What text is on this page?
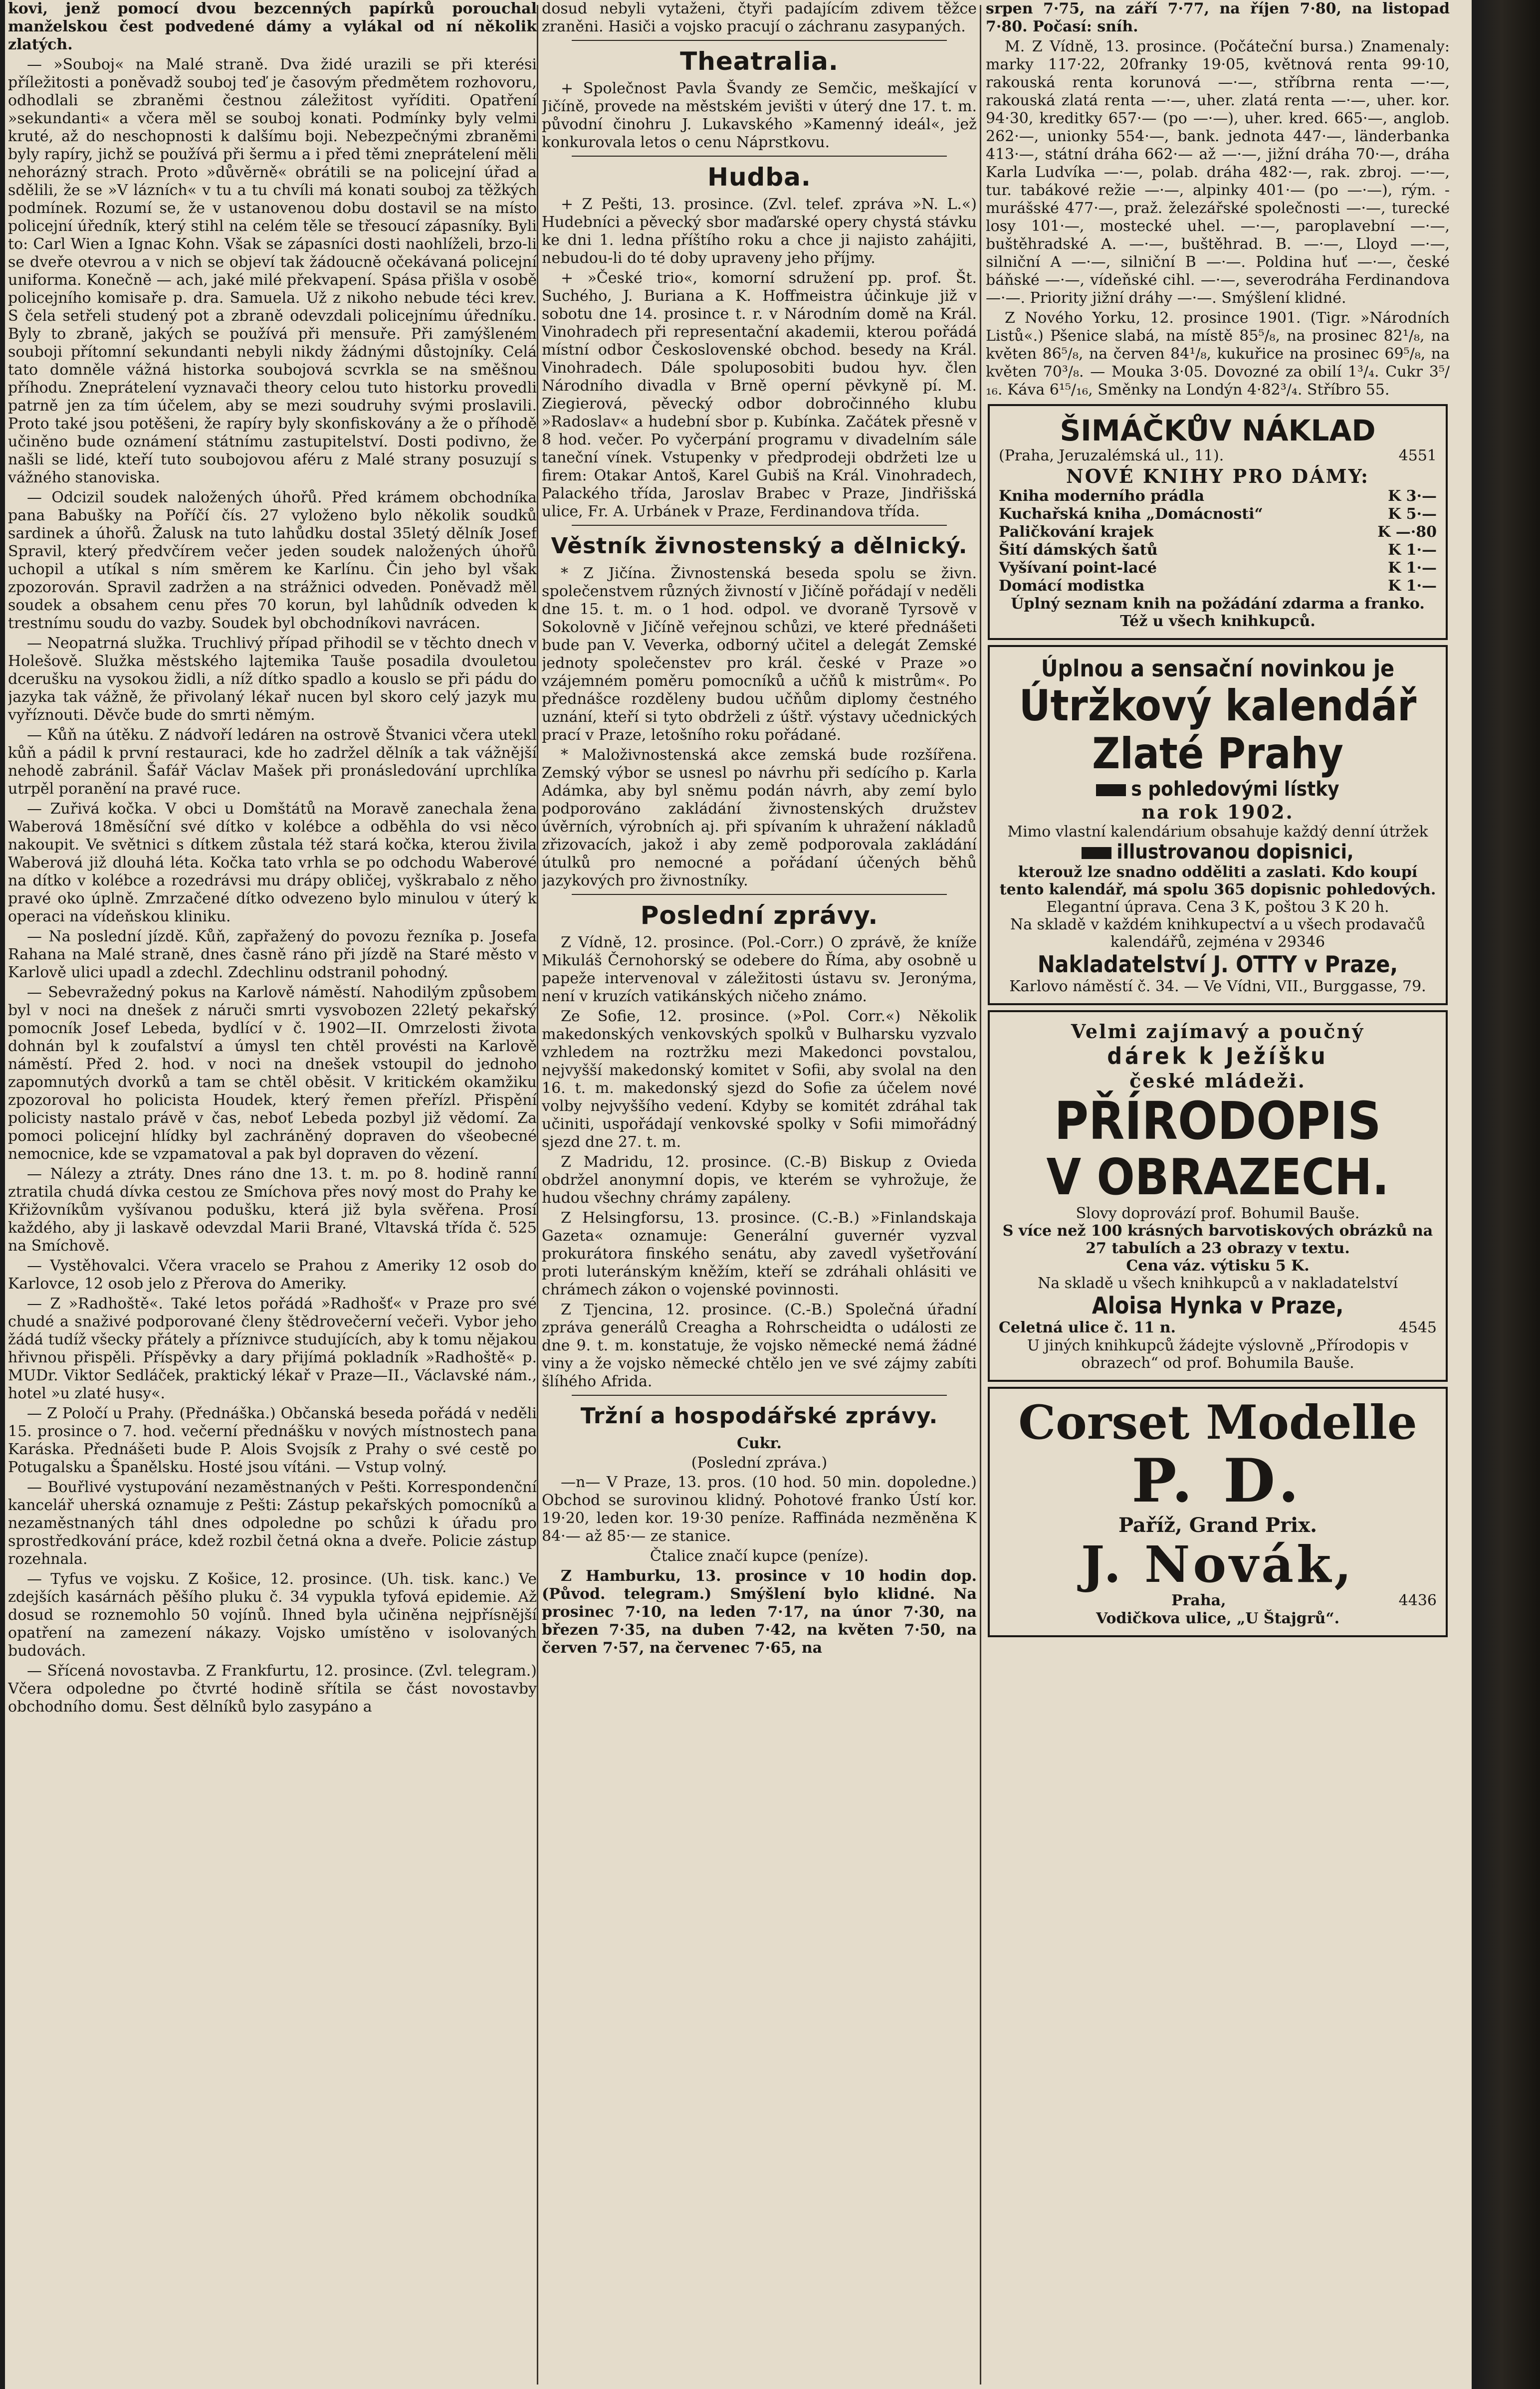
kovi, jenž pomocí dvou bezcenných papírků porouchal manželskou čest podvedené dámy a vylákal od ní několik zlatých.

— »Souboj« na Malé straně. Dva židé urazili se při kterési příležitosti a poněvadž souboj teď je časovým předmětem rozhovoru, odhodlali se zbraněmi čestnou záležitost vyříditi. Opatření »sekundanti« a včera měl se souboj konati. Podmínky byly velmi kruté, až do neschopnosti k dalšímu boji. Nebezpečnými zbraněmi byly rapíry, jichž se používá při šermu a i před těmi zneprátelení měli nehorázný strach. Proto »důvěrně« obrátili se na policejní úřad a sdělili, že se »V lázních« v tu a tu chvíli má konati souboj za těžkých podmínek. Rozumí se, že v ustanovenou dobu dostavil se na místo policejní úředník, který stihl na celém těle se třesoucí zápasníky. Byli to: Carl Wien a Ignac Kohn. Však se zápasníci dosti naohlíželi, brzo-li se dveře otevrou a v nich se objeví tak žádoucně očekávaná policejní uniforma. Konečně — ach, jaké milé překvapení. Spása přišla v osobě policejního komisaře p. dra. Samuela. Už z nikoho nebude téci krev. S čela setřeli studený pot a zbraně odevzdali policejnímu úředníku. Byly to zbraně, jakých se používá při mensuře. Při zamýšleném souboji přítomní sekundanti nebyli nikdy žádnými důstojníky. Celá tato domněle vážná historka soubojová scvrkla se na směšnou příhodu. Zneprátelení vyznavači theory celou tuto historku provedli patrně jen za tím účelem, aby se mezi soudruhy svými proslavili. Proto také jsou potěšeni, že rapíry byly skonfiskovány a že o příhodě učiněno bude oznámení státnímu zastupitelství. Dosti podivno, že našli se lidé, kteří tuto soubojovou aféru z Malé strany posuzují s vážného stanoviska.

— Odcizil soudek naložených úhořů. Před krámem obchodníka pana Babušky na Poříčí čís. 27 vyloženo bylo několik soudků sardinek a úhořů. Žalusk na tuto lahůdku dostal 35letý dělník Josef Spravil, který předvčírem večer jeden soudek naložených úhořů uchopil a utíkal s ním směrem ke Karlínu. Čin jeho byl však zpozorován. Spravil zadržen a na strážnici odveden. Poněvadž měl soudek a obsahem cenu přes 70 korun, byl lahůdník odveden k trestnímu soudu do vazby. Soudek byl obchodníkovi navrácen.

— Neopatrná služka. Truchlivý případ přihodil se v těchto dnech v Holešově. Služka městského lajtemika Tauše posadila dvouletou dcerušku na vysokou židli, a níž dítko spadlo a kouslo se při pádu do jazyka tak vážně, že přivolaný lékař nucen byl skoro celý jazyk mu vyříznouti. Děvče bude do smrti němým.

— Kůň na útěku. Z nádvoří ledáren na ostrově Štvanici včera utekl kůň a pádil k první restauraci, kde ho zadržel dělník a tak vážnější nehodě zabránil. Šafář Václav Mašek při pronásledování uprchlíka utrpěl poranění na pravé ruce.

— Zuřivá kočka. V obci u Domštátů na Moravě zanechala žena Waberová 18měsíční své dítko v kolébce a odběhla do vsi něco nakoupit. Ve světnici s dítkem zůstala též stará kočka, kterou živila Waberová již dlouhá léta. Kočka tato vrhla se po odchodu Waberové na dítko v kolébce a rozedrávsi mu drápy obličej, vyškrabalo z něho pravé oko úplně. Zmrzačené dítko odvezeno bylo minulou v úterý k operaci na vídeňskou kliniku.

— Na poslední jízdě. Kůň, zapřažený do povozu řezníka p. Josefa Rahana na Malé straně, dnes časně ráno při jízdě na Staré město v Karlově ulici upadl a zdechl. Zdechlinu odstranil pohodný.

— Sebevražedný pokus na Karlově náměstí. Nahodilým způsobem byl v noci na dnešek z náruči smrti vysvobozen 22letý pekařský pomocník Josef Lebeda, bydlící v č. 1902—II. Omrzelosti života dohnán byl k zoufalství a úmysl ten chtěl provésti na Karlově náměstí. Před 2. hod. v noci na dnešek vstoupil do jednoho zapomnutých dvorků a tam se chtěl oběsit. V kritickém okamžiku zpozoroval ho policista Houdek, který řemen přeřízl. Přispění policisty nastalo právě v čas, neboť Lebeda pozbyl již vědomí. Za pomoci policejní hlídky byl zachráněný dopraven do všeobecné nemocnice, kde se vzpamatoval a pak byl dopraven do vězení.

— Nálezy a ztráty. Dnes ráno dne 13. t. m. po 8. hodině ranní ztratila chudá dívka cestou ze Smíchova přes nový most do Prahy ke Křižovníkům vyšívanou podušku, která již byla svěřena. Prosí každého, aby ji laskavě odevzdal Marii Brané, Vltavská třída č. 525 na Smíchově.

— Vystěhovalci. Včera vracelo se Prahou z Ameriky 12 osob do Karlovce, 12 osob jelo z Přerova do Ameriky.

— Z »Radhoště«. Také letos pořádá »Radhošť« v Praze pro své chudé a snaživé podporované členy štědrovečerní večeři. Vybor jeho žádá tudíž všecky přátely a příznivce studujících, aby k tomu nějakou hřivnou přispěli. Příspěvky a dary přijímá pokladník »Radhoště« p. MUDr. Viktor Sedláček, praktický lékař v Praze—II., Václavské nám., hotel »u zlaté husy«.

— Z Poločí u Prahy. (Přednáška.) Občanská beseda pořádá v neděli 15. prosince o 7. hod. večerní přednášku v nových místnostech pana Karáska. Přednášeti bude P. Alois Svojsík z Prahy o své cestě po Potugalsku a Španělsku. Hosté jsou vítáni. — Vstup volný.

— Bouřlivé vystupování nezaměstnaných v Pešti. Korrespondenční kancelář uherská oznamuje z Pešti: Zástup pekařských pomocníků a nezaměstnaných táhl dnes odpoledne po schůzi k úřadu pro sprostředkování práce, kdež rozbil četná okna a dveře. Policie zástup rozehnala.

— Tyfus ve vojsku. Z Košice, 12. prosince. (Uh. tisk. kanc.) Ve zdejších kasárnách pěšího pluku č. 34 vypukla tyfová epidemie. Až dosud se roznemohlo 50 vojínů. Ihned byla učiněna nejpřísnější opatření na zamezení nákazy. Vojsko umístěno v isolovaných budovách.

— Sřícená novostavba. Z Frankfurtu, 12. prosince. (Zvl. telegram.) Včera odpoledne po čtvrté hodině sřítila se část novostavby obchodního domu. Šest dělníků bylo zasypáno a

dosud nebyli vytaženi, čtyři padajícím zdivem těžce zraněni. Hasiči a vojsko pracují o záchranu zasypaných.

Theatralia.

+ Společnost Pavla Švandy ze Semčic, meškající v Jičíně, provede na městském jevišti v úterý dne 17. t. m. původní činohru J. Lukavského »Kamenný ideál«, jež konkurovala letos o cenu Náprstkovu.

Hudba.

+ Z Pešti, 13. prosince. (Zvl. telef. zpráva »N. L.«) Hudebníci a pěvecký sbor maďarské opery chystá stávku ke dni 1. ledna příštího roku a chce ji najisto zahájiti, nebudou-li do té doby upraveny jeho příjmy.

+ »České trio«, komorní sdružení pp. prof. Št. Suchého, J. Buriana a K. Hoffmeistra účinkuje již v sobotu dne 14. prosince t. r. v Národním domě na Král. Vinohradech při representační akademii, kterou pořádá místní odbor Československé obchod. besedy na Král. Vinohradech. Dále spoluposobiti budou hyv. člen Národního divadla v Brně operní pěvkyně pí. M. Ziegierová, pěvecký odbor dobročinného klubu »Radoslav« a hudební sbor p. Kubínka. Začátek přesně v 8 hod. večer. Po vyčerpání programu v divadelním sále taneční vínek. Vstupenky v předprodeji obdržeti lze u firem: Otakar Antoš, Karel Gubiš na Král. Vinohradech, Palackého třída, Jaroslav Brabec v Praze, Jindřišská ulice, Fr. A. Urbánek v Praze, Ferdinandova třída.

Věstník živnostenský a dělnický.

* Z Jičína. Živnostenská beseda spolu se živn. společenstvem různých živností v Jičíně pořádají v neděli dne 15. t. m. o 1 hod. odpol. ve dvoraně Tyrsově v Sokolovně v Jičíně veřejnou schůzi, ve které přednášeti bude pan V. Veverka, odborný učitel a delegát Zemské jednoty společenstev pro král. české v Praze »o vzájemném poměru pomocníků a učňů k mistrům«. Po přednášce rozděleny budou učňům diplomy čestného uznání, kteří si tyto obdrželi z úštř. výstavy učednických prací v Praze, letošního roku pořádané.

* Maloživnostenská akce zemská bude rozšířena. Zemský výbor se usnesl po návrhu při sedícího p. Karla Adámka, aby byl sněmu podán návrh, aby zemí bylo podporováno zakládání živnostenských družstev úvěrních, výrobních aj. při spívaním k uhražení nákladů zřizovacích, jakož i aby země podporovala zakládání útulků pro nemocné a pořádaní účených běhů jazykových pro živnostníky.

Poslední zprávy.

Z Vídně, 12. prosince. (Pol.-Corr.) O zprávě, že kníže Mikuláš Černohorský se odebere do Říma, aby osobně u papeže intervenoval v záležitosti ústavu sv. Jeronýma, není v kruzích vatikánských ničeho známo.

Ze Sofie, 12. prosince. (»Pol. Corr.«) Několik makedonských venkovských spolků v Bulharsku vyzvalo vzhledem na roztržku mezi Makedonci povstalou, nejvyšší makedonský komitet v Sofii, aby svolal na den 16. t. m. makedonský sjezd do Sofie za účelem nové volby nejvyššího vedení. Kdyby se komitét zdráhal tak učiniti, uspořádají venkovské spolky v Sofii mimořádný sjezd dne 27. t. m.

Z Madridu, 12. prosince. (C.-B) Biskup z Ovieda obdržel anonymní dopis, ve kterém se vyhrožuje, že hudou všechny chrámy zapáleny.

Z Helsingforsu, 13. prosince. (C.-B.) »Finlandskaja Gazeta« oznamuje: Generální guvernér vyzval prokurátora finského senátu, aby zavedl vyšetřování proti luteránským kněžím, kteří se zdráhali ohlásiti ve chrámech zákon o vojenské povinnosti.

Z Tjencina, 12. prosince. (C.-B.) Společná úřadní zpráva generálů Creagha a Rohrscheidta o události ze dne 9. t. m. konstatuje, že vojsko německé nemá žádné viny a že vojsko německé chtělo jen ve své zájmy zabíti šlíhého Afrida.

Tržní a hospodářské zprávy.
Cukr.
(Poslední zpráva.)

—n— V Praze, 13. pros. (10 hod. 50 min. dopoledne.) Obchod se surovinou klidný. Pohotové franko Ústí kor. 19·20, leden kor. 19·30 peníze. Raffináda nezměněna K 84·— až 85·— ze stanice.

Čtalice značí kupce (peníze).

Z Hamburku, 13. prosince v 10 hodin dop. (Původ. telegram.) Smýšlení bylo klidné. Na prosinec 7·10, na leden 7·17, na únor 7·30, na březen 7·35, na duben 7·42, na květen 7·50, na červen 7·57, na červenec 7·65, na

srpen 7·75, na září 7·77, na říjen 7·80, na listopad 7·80. Počasí: sníh.

M. Z Vídně, 13. prosince. (Počáteční bursa.) Znamenaly: marky 117·22, 20franky 19·05, květnová renta 99·10, rakouská renta korunová —·—, stříbrna renta —·—, rakouská zlatá renta —·—, uher. zlatá renta —·—, uher. kor. 94·30, kreditky 657·— (po —·—), uher. kred. 665·—, anglob. 262·—, unionky 554·—, bank. jednota 447·—, länderbanka 413·—, státní dráha 662·— až —·—, jižní dráha 70·—, dráha Karla Ludvíka —·—, polab. dráha 482·—, rak. zbroj. —·—, tur. tabákové režie —·—, alpinky 401·— (po —·—), rým. - murášské 477·—, praž. železářské společnosti —·—, turecké losy 101·—, mostecké uhel. —·—, paroplavební —·—, buštěhradské A. —·—, buštěhrad. B. —·—, Lloyd —·—, silniční A —·—, silniční B —·—. Poldina huť —·—, české báňské —·—, vídeňské cihl. —·—, severodráha Ferdinandova —·—. Priority jižní dráhy —·—. Smýšlení klidné.

Z Nového Yorku, 12. prosince 1901. (Tigr. »Národních Listů«.) Pšenice slabá, na místě 85⁵/₈, na prosinec 82¹/₈, na květen 86⁵/₈, na červen 84¹/₈, kukuřice na prosinec 69⁵/₈, na květen 70³/₈. — Mouka 3·05. Dovozné za obilí 1³/₄. Cukr 3⁵/₁₆. Káva 6¹⁵/₁₆, Směnky na Londýn 4·82³/₄. Stříbro 55.

ŠIMÁČKŮV NÁKLAD
(Praha, Jeruzalémská ul., 11).	4551
NOVÉ KNIHY PRO DÁMY:
Kniha moderního prádla	K 3·—
Kuchařská kniha „Domácnosti“	K 5·—
Paličkování krajek	K —·80
Šití dámských šatů	K 1·—
Vyšívaní point-lacé	K 1·—
Domácí modistka	K 1·—
Úplný seznam knih na požádání zdarma a franko.
Též u všech knihkupců.
Úplnou a sensační novinkou je
Útržkový kalendář
Zlaté Prahy
s pohledovými lístky
na rok 1902.
Mimo vlastní kalendárium obsahuje každý denní útržek
illustrovanou dopisnici,
kterouž lze snadno odděliti a zaslati. Kdo koupí tento kalendář, má spolu 365 dopisnic pohledových.
Elegantní úprava. Cena 3 K, poštou 3 K 20 h.
Na skladě v každém knihkupectví a u všech prodavačů kalendářů, zejména v 29346
Nakladatelství J. OTTY v Praze,
Karlovo náměstí č. 34. — Ve Vídni, VII., Burggasse, 79.
Velmi zajímavý a poučný
dárek k Ježíšku
české mládeži.
PŘÍRODOPIS
V OBRAZECH.
Slovy doprovází prof. Bohumil Bauše.
S více než 100 krásných barvotiskových obrázků na 27 tabulích a 23 obrazy v textu.
Cena váz. výtisku 5 K.
Na skladě u všech knihkupců a v nakladatelství
Aloisa Hynka v Praze,
Celetná ulice č. 11 n.	4545
U jiných knihkupců žádejte výslovně „Přírodopis v obrazech“ od prof. Bohumila Bauše.
Corset Modelle
P. D.
Paříž, Grand Prix.
J. Novák,
Praha,	4436
Vodičkova ulice, „U Štajgrů“.
